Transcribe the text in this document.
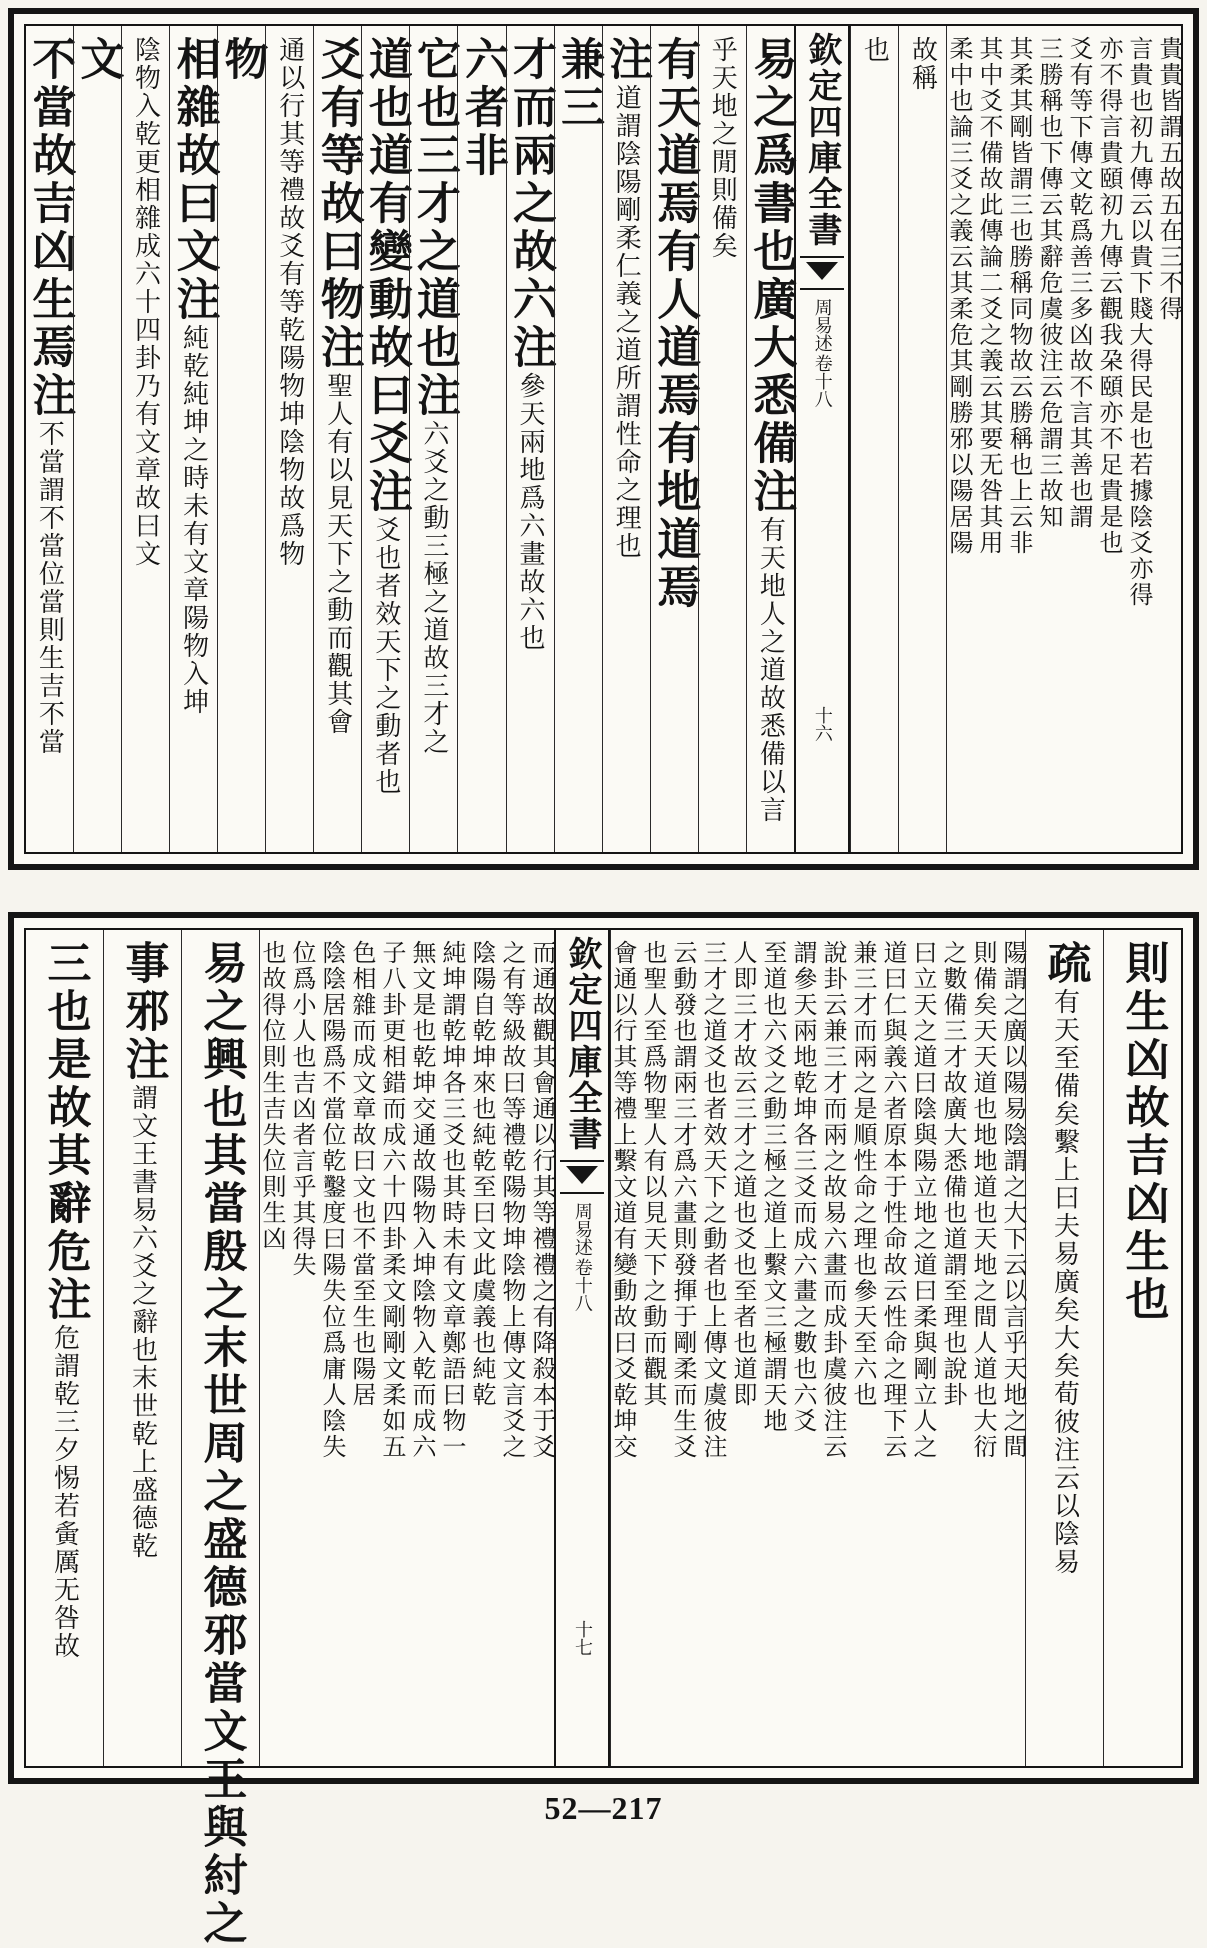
貴貴皆謂五故五在三不得
言貴也初九傳云以貴下賤大得民是也若據陰爻亦得
亦不得言貴頤初九傳云觀我朶頤亦不足貴是也
爻有等下傳文乾爲善三多凶故不言其善也謂
三勝稱也下傳云其辭危虞彼注云危謂三故知
其柔其剛皆謂三也勝稱同物故云勝稱也上云非
其中爻不備故此傳論二爻之義云其要无咎其用
柔中也論三爻之義云其柔危其剛勝邪以陽居陽
故稱
也
欽定四庫全書
周易述
卷十八
十六
易之爲書也廣大悉備注
有天地人之道故悉備以言
乎天地之閒則備矣
有天道焉有人道焉有地道焉
注
道謂陰陽剛柔仁義之道所謂性命之理也
兼三
才而兩之故六注
參天兩地爲六畫故六也
六者非
它也三才之道也注
六爻之動三極之道故三才之
道也道有變動故曰爻注
爻也者效天下之動者也
爻有等故曰物注
聖人有以見天下之動而觀其會
通以行其等禮故爻有等乾陽物坤陰物故爲物
物
相雜故曰文注
純乾純坤之時未有文章陽物入坤
陰物入乾更相雜成六十四卦乃有文章故曰文
文
不當故吉凶生焉注
不當謂不當位當則生吉不當
則生凶故吉凶生也
疏
有天至備矣繫上曰夫易廣矣大矣荀彼注云以陰易
陽謂之廣以陽易陰謂之大下云以言乎天地之間
則備矣天天道也地地道也天地之間人道也大衍
之數備三才故廣大悉備也道謂至理也說卦
曰立天之道曰陰與陽立地之道曰柔與剛立人之
道曰仁與義六者原本于性命故云性命之理下云
兼三才而兩之是順性命之理也參天至六也
說卦云兼三才而兩之故易六畫而成卦虞彼注云
謂參天兩地乾坤各三爻而成六畫之數也六爻
至道也六爻之動三極之道上繫文三極謂天地
人即三才故云三才之道也爻也至者也道即
三才之道爻也者效天下之動者也上傳文虞彼注
云動發也謂兩三才爲六畫則發揮于剛柔而生爻
也聖人至爲物聖人有以見天下之動而觀其
會通以行其等禮上繫文道有變動故曰爻乾坤交
欽定四庫全書
周易述
卷十八
十七
而通故觀其會通以行其等禮禮之有降殺本于爻
之有等級故曰等禮乾陽物坤陰物上傳文言爻之
陰陽自乾坤來也純乾至曰文此虞義也純乾
純坤謂乾坤各三爻也其時未有文章鄭語曰物一
無文是也乾坤交通故陽物入坤陰物入乾而成六
子八卦更相錯而成六十四卦柔文剛剛文柔如五
色相雜而成文章故曰文也不當至生也陽居
陰陰居陽爲不當位乾鑿度曰陽失位爲庸人陰失
位爲小人也吉凶者言乎其得失
也故得位則生吉失位則生凶
易之興也其當殷之末世周之盛德邪當文王與紂之
事邪注
謂文王書易六爻之辭也末世乾上盛德乾
三也是故其辭危注
危謂乾三夕惕若夤厲无咎故
52—217
